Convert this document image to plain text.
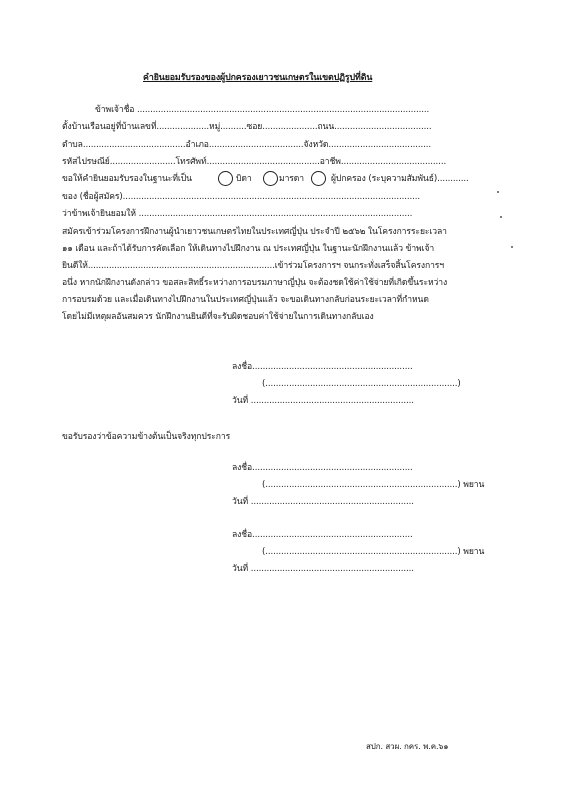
คำยินยอมรับรองของผู้ปกครองเยาวชนเกษตรในเขตปฏิรูปที่ดิน
ข้าพเจ้าชื่อ ...............................................................................................................
ตั้งบ้านเรือนอยู่ที่บ้านเลขที่....................หมู่..........ซอย.....................ถนน.....................................
ตำบล.......................................อำเภอ....................................จังหวัด.......................................
รหัสไปรษณีย์.........................โทรศัพท์...........................................อาชีพ........................................
ขอให้คำยินยอมรับรองในฐานะที่เป็น	บิดา	มารดา	ผู้ปกครอง (ระบุความสัมพันธ์)............
ของ (ชื่อผู้สมัคร).................................................................................................................
ว่าข้าพเจ้ายินยอมให้ ........................................................................................................
สมัครเข้าร่วมโครงการฝึกงานผู้นำเยาวชนเกษตรไทยในประเทศญี่ปุ่น ประจำปี ๒๕๖๒ ในโครงการระยะเวลา
๑๑ เดือน และถ้าได้รับการคัดเลือก ให้เดินทางไปฝึกงาน ณ ประเทศญี่ปุ่น ในฐานะนักฝึกงานแล้ว ข้าพเจ้า
ยินดีให้.......................................................................เข้าร่วมโครงการฯ จนกระทั่งเสร็จสิ้นโครงการฯ
อนึ่ง หากนักฝึกงานดังกล่าว ขอสละสิทธิ์ระหว่างการอบรมภาษาญี่ปุ่น จะต้องชดใช้ค่าใช้จ่ายที่เกิดขึ้นระหว่าง
การอบรมด้วย และเมื่อเดินทางไปฝึกงานในประเทศญี่ปุ่นแล้ว จะขอเดินทางกลับก่อนระยะเวลาที่กำหนด
โดยไม่มีเหตุผลอันสมควร นักฝึกงานยินดีที่จะรับผิดชอบค่าใช้จ่ายในการเดินทางกลับเอง
ลงชื่อ.............................................................
(.........................................................................)
วันที่ ..............................................................
ขอรับรองว่าข้อความข้างต้นเป็นจริงทุกประการ
ลงชื่อ.............................................................
(.........................................................................) พยาน
วันที่ ..............................................................
ลงชื่อ.............................................................
(.........................................................................) พยาน
วันที่ ..............................................................
สปก. สวผ. กคร. พ.ค.๖๑
